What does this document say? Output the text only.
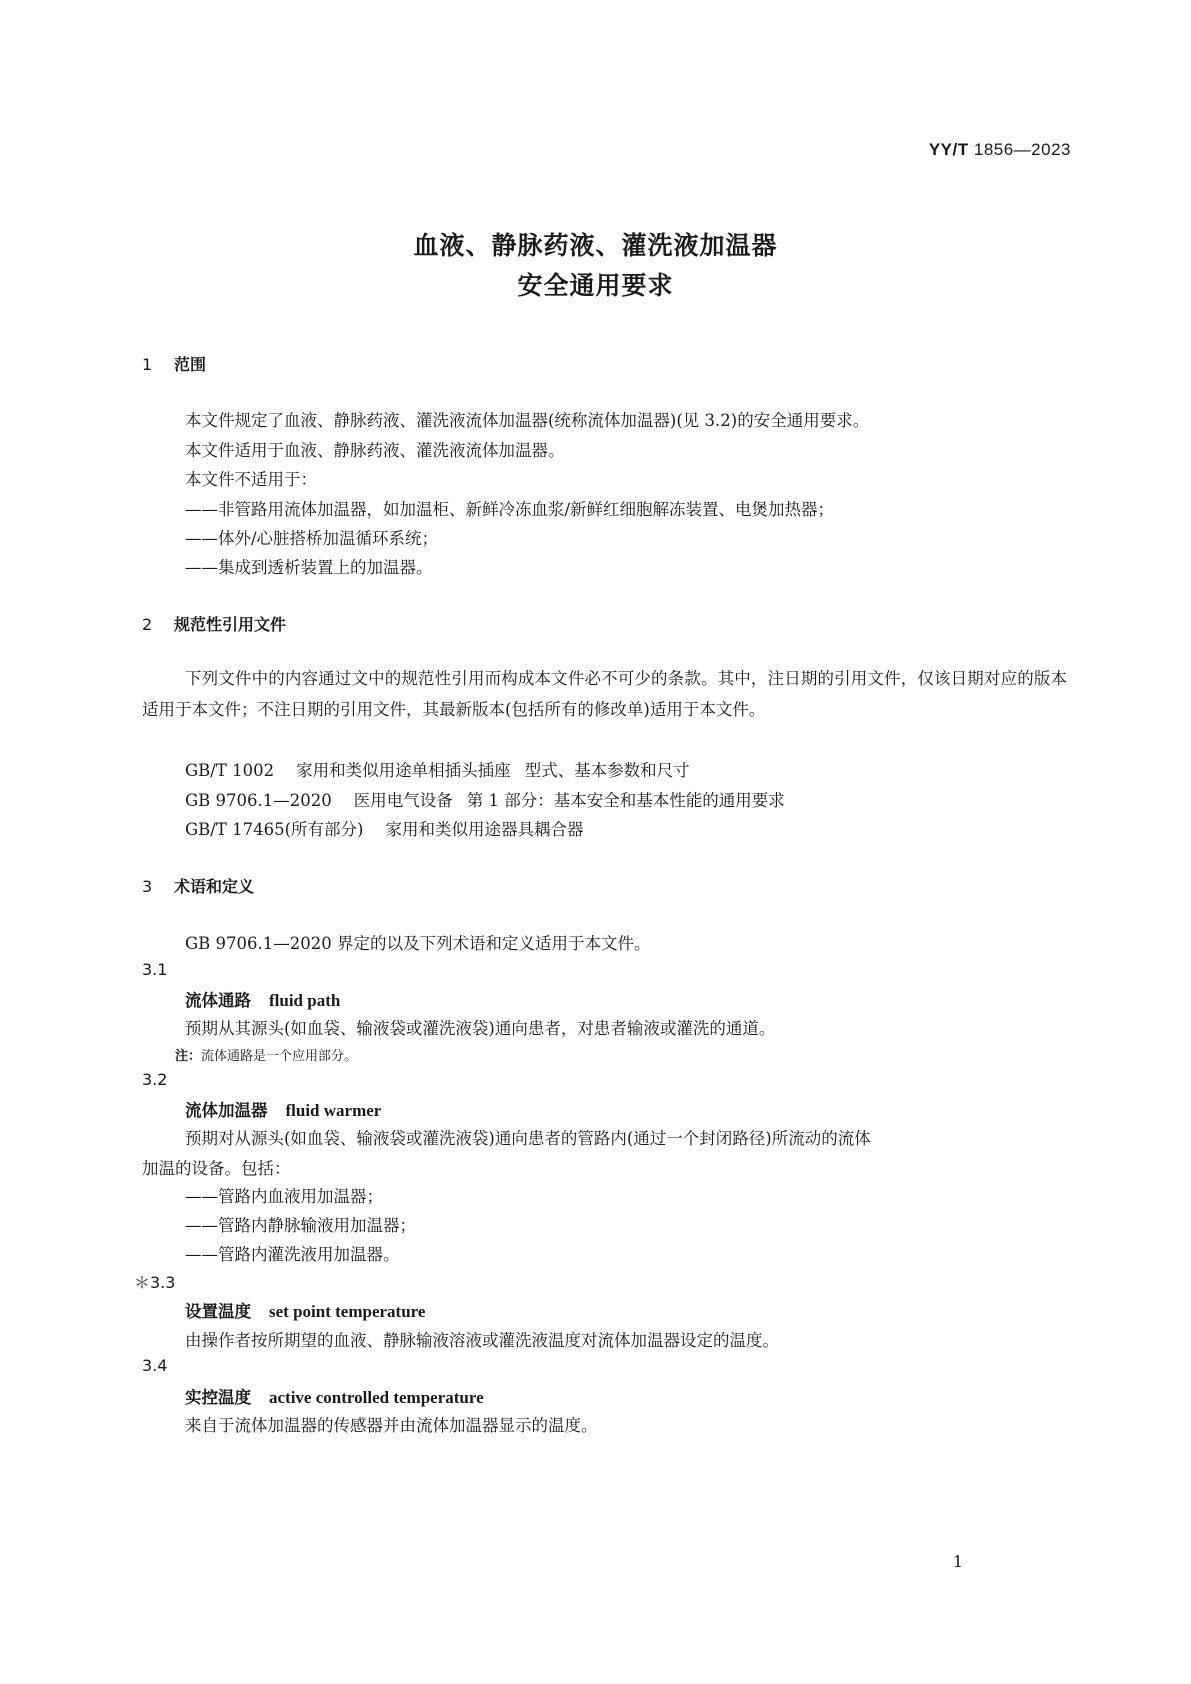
YY/T 1856—2023
血液、静脉药液、灌洗液加温器
安全通用要求
1 范围
本文件规定了血液、静脉药液、灌洗液流体加温器(统称流体加温器)(见 3.2)的安全通用要求。
本文件适用于血液、静脉药液、灌洗液流体加温器。
本文件不适用于：
——非管路用流体加温器，如加温柜、新鲜冷冻血浆/新鲜红细胞解冻装置、电煲加热器；
——体外/心脏搭桥加温循环系统；
——集成到透析装置上的加温器。
2 规范性引用文件
下列文件中的内容通过文中的规范性引用而构成本文件必不可少的条款。其中，注日期的引用文件，仅该日期对应的版本适用于本文件；不注日期的引用文件，其最新版本(包括所有的修改单)适用于本文件。
GB/T 1002 家用和类似用途单相插头插座 型式、基本参数和尺寸
GB 9706.1—2020 医用电气设备 第 1 部分：基本安全和基本性能的通用要求
GB/T 17465(所有部分) 家用和类似用途器具耦合器
3 术语和定义
GB 9706.1—2020 界定的以及下列术语和定义适用于本文件。
3.1
流体通路 fluid path
预期从其源头(如血袋、输液袋或灌洗液袋)通向患者，对患者输液或灌洗的通道。
注：流体通路是一个应用部分。
3.2
流体加温器 fluid warmer
预期对从源头(如血袋、输液袋或灌洗液袋)通向患者的管路内(通过一个封闭路径)所流动的流体
加温的设备。包括：
——管路内血液用加温器；
——管路内静脉输液用加温器；
——管路内灌洗液用加温器。
＊3.3
设置温度 set point temperature
由操作者按所期望的血液、静脉输液溶液或灌洗液温度对流体加温器设定的温度。
3.4
实控温度 active controlled temperature
来自于流体加温器的传感器并由流体加温器显示的温度。
1
